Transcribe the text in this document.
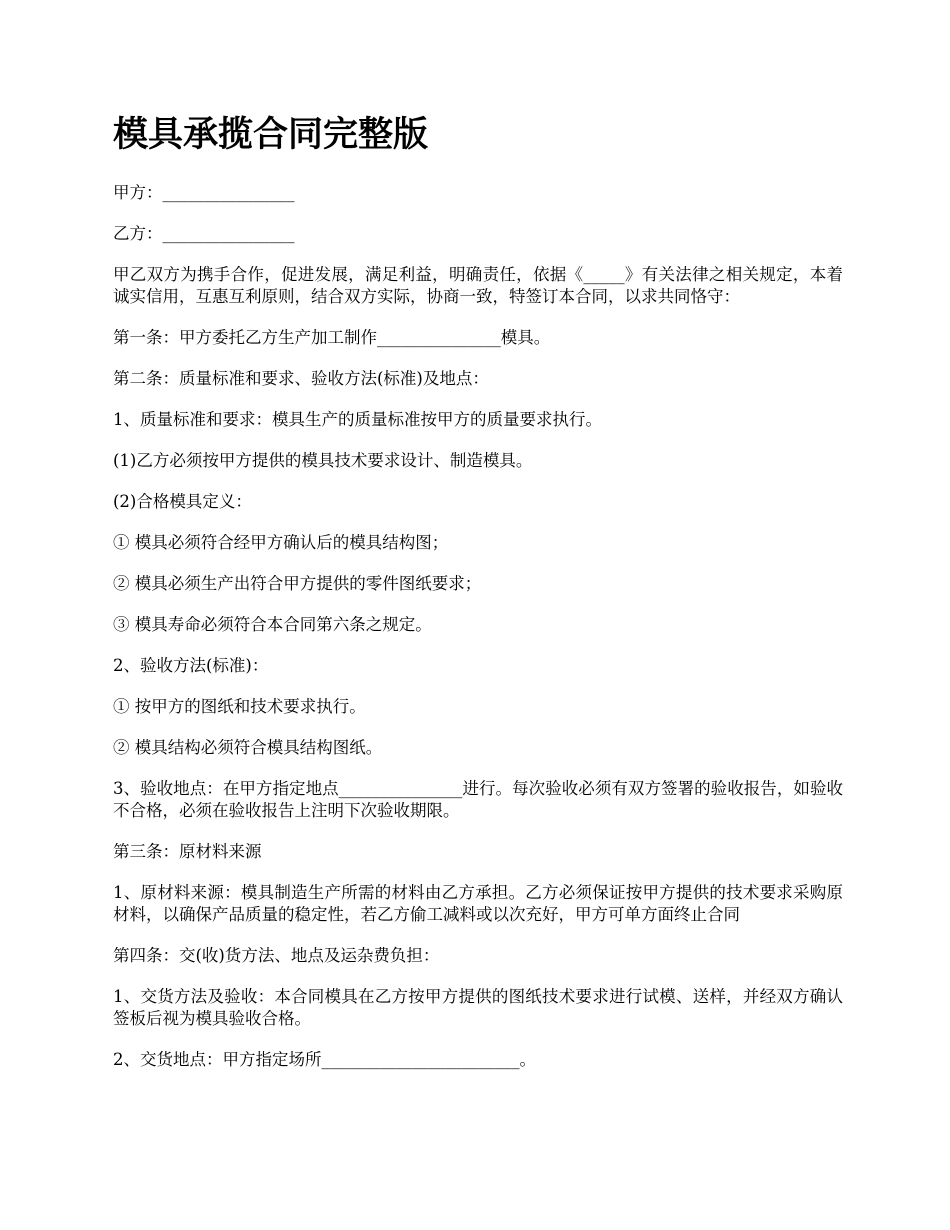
模具承揽合同完整版

甲方：________________

乙方：________________

甲乙双方为携手合作，促进发展，满足利益，明确责任，依据《_____》有关法律之相关规定，本着诚实信用，互惠互利原则，结合双方实际，协商一致，特签订本合同，以求共同恪守：

第一条：甲方委托乙方生产加工制作_______________模具。

第二条：质量标准和要求、验收方法(标准)及地点：

1、质量标准和要求：模具生产的质量标准按甲方的质量要求执行。

(1)乙方必须按甲方提供的模具技术要求设计、制造模具。

(2)合格模具定义：

① 模具必须符合经甲方确认后的模具结构图；

② 模具必须生产出符合甲方提供的零件图纸要求；

③ 模具寿命必须符合本合同第六条之规定。

2、验收方法(标准)：

① 按甲方的图纸和技术要求执行。

② 模具结构必须符合模具结构图纸。

3、验收地点：在甲方指定地点_______________进行。每次验收必须有双方签署的验收报告，如验收不合格，必须在验收报告上注明下次验收期限。

第三条：原材料来源

1、原材料来源：模具制造生产所需的材料由乙方承担。乙方必须保证按甲方提供的技术要求采购原材料，以确保产品质量的稳定性，若乙方偷工减料或以次充好，甲方可单方面终止合同

第四条：交(收)货方法、地点及运杂费负担：

1、交货方法及验收：本合同模具在乙方按甲方提供的图纸技术要求进行试模、送样，并经双方确认签板后视为模具验收合格。

2、交货地点：甲方指定场所________________________。
